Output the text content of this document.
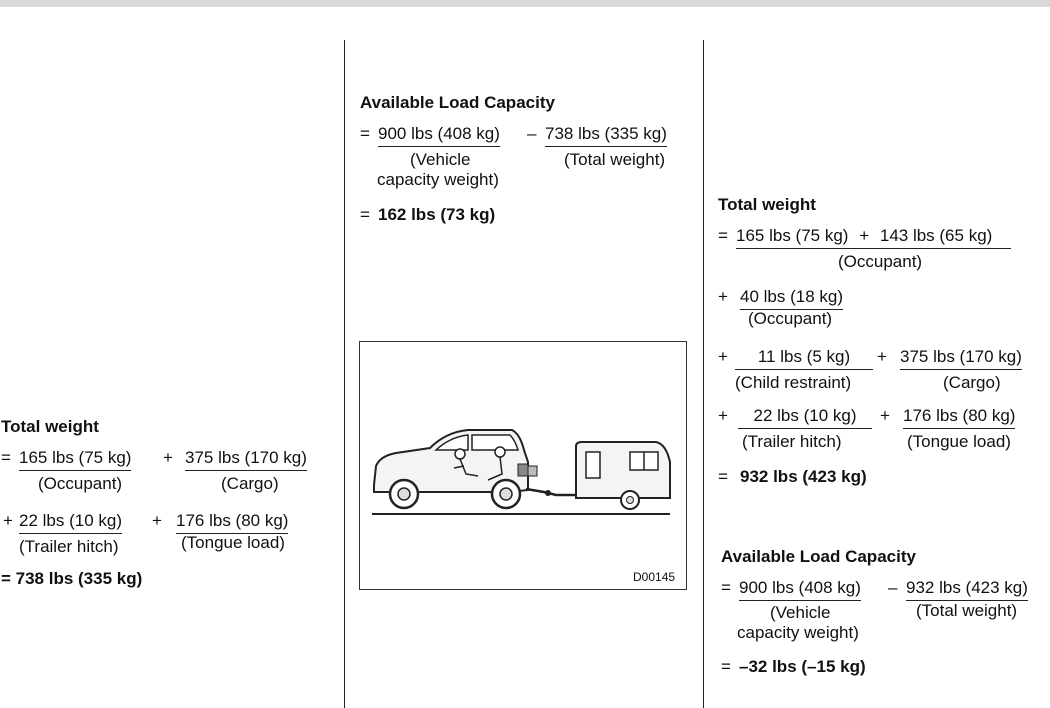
Total weight
= 165 lbs (75 kg) + 375 lbs (170 kg)
(Occupant)	(Cargo)
+ 22 lbs (10 kg) + 176 lbs (80 kg)
(Trailer hitch)	(Tongue load)
= 738 lbs (335 kg)
Available Load Capacity
= 900 lbs (408 kg) – 738 lbs (335 kg)
(Vehicle
capacity weight)
(Total weight)
= 162 lbs (73 kg)
D00145
Total weight
= 165 lbs (75 kg) + 143 lbs (65 kg)
(Occupant)
+ 40 lbs (18 kg)
(Occupant)
+	11 lbs (5 kg)	+ 375 lbs (170 kg)
(Child restraint)	(Cargo)
+	22 lbs (10 kg)	+ 176 lbs (80 kg)
(Trailer hitch)	(Tongue load)
= 932 lbs (423 kg)
Available Load Capacity
= 900 lbs (408 kg) – 932 lbs (423 kg)
(Vehicle
capacity weight)
(Total weight)
= –32 lbs (–15 kg)
